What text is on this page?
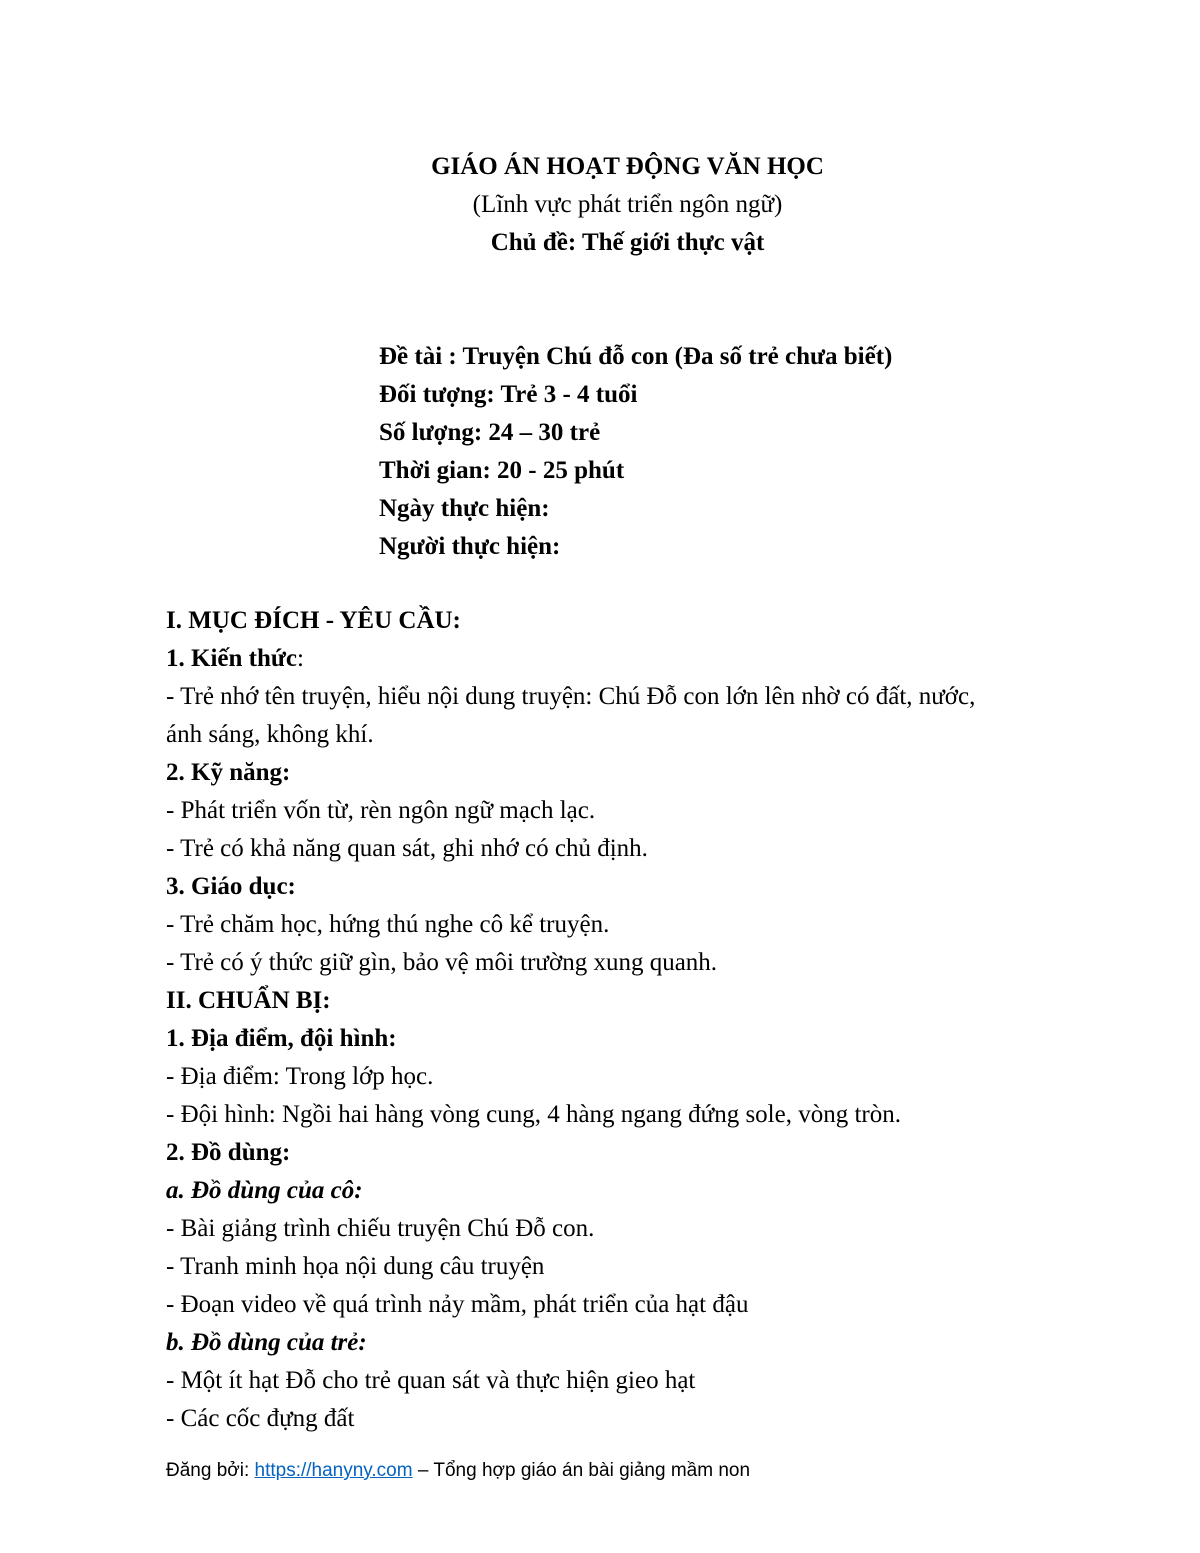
GIÁO ÁN HOẠT ĐỘNG VĂN HỌC
(Lĩnh vực phát triển ngôn ngữ)
Chủ đề: Thế giới thực vật
Đề tài : Truyện Chú đỗ con (Đa số trẻ chưa biết)
Đối tượng: Trẻ 3 - 4 tuổi
Số lượng: 24 – 30 trẻ
Thời gian: 20 - 25 phút
Ngày thực hiện:
Người thực hiện:
I. MỤC ĐÍCH - YÊU CẦU:
1. Kiến thức:
- Trẻ nhớ tên truyện, hiểu nội dung truyện: Chú Đỗ con lớn lên nhờ có đất, nước,
ánh sáng, không khí.
2. Kỹ năng:
- Phát triển vốn từ, rèn ngôn ngữ mạch lạc.
- Trẻ có khả năng quan sát, ghi nhớ có chủ định.
3. Giáo dục:
- Trẻ chăm học, hứng thú nghe cô kể truyện.
- Trẻ có ý thức giữ gìn, bảo vệ môi trường xung quanh.
II. CHUẨN BỊ:
1. Địa điểm, đội hình:
- Địa điểm: Trong lớp học.
- Đội hình: Ngồi hai hàng vòng cung, 4 hàng ngang đứng sole, vòng tròn.
2. Đồ dùng:
a. Đồ dùng của cô:
- Bài giảng trình chiếu truyện Chú Đỗ con.
- Tranh minh họa nội dung câu truyện
- Đoạn video về quá trình nảy mầm, phát triển của hạt đậu
b. Đồ dùng của trẻ:
- Một ít hạt Đỗ cho trẻ quan sát và thực hiện gieo hạt
- Các cốc đựng đất
Đăng bởi: https://hanyny.com – Tổng hợp giáo án bài giảng mầm non
